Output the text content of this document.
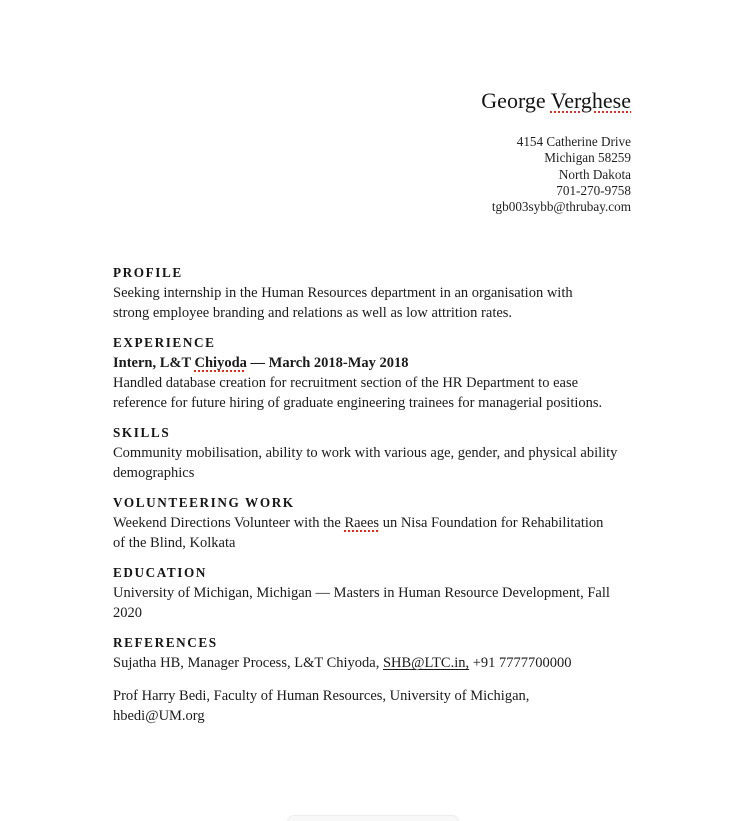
George Verghese
4154 Catherine Drive
Michigan 58259
North Dakota
701-270-9758
tgb003sybb@thrubay.com
PROFILE
Seeking internship in the Human Resources department in an organisation with
strong employee branding and relations as well as low attrition rates.
EXPERIENCE
Intern, L&T Chiyoda — March 2018-May 2018
Handled database creation for recruitment section of the HR Department to ease
reference for future hiring of graduate engineering trainees for managerial positions.
SKILLS
Community mobilisation, ability to work with various age, gender, and physical ability
demographics
VOLUNTEERING WORK
Weekend Directions Volunteer with the Raees un Nisa Foundation for Rehabilitation
of the Blind, Kolkata
EDUCATION
University of Michigan, Michigan — Masters in Human Resource Development, Fall
2020
REFERENCES
Sujatha HB, Manager Process, L&T Chiyoda, SHB@LTC.in, +91 7777700000
Prof Harry Bedi, Faculty of Human Resources, University of Michigan,
hbedi@UM.org
